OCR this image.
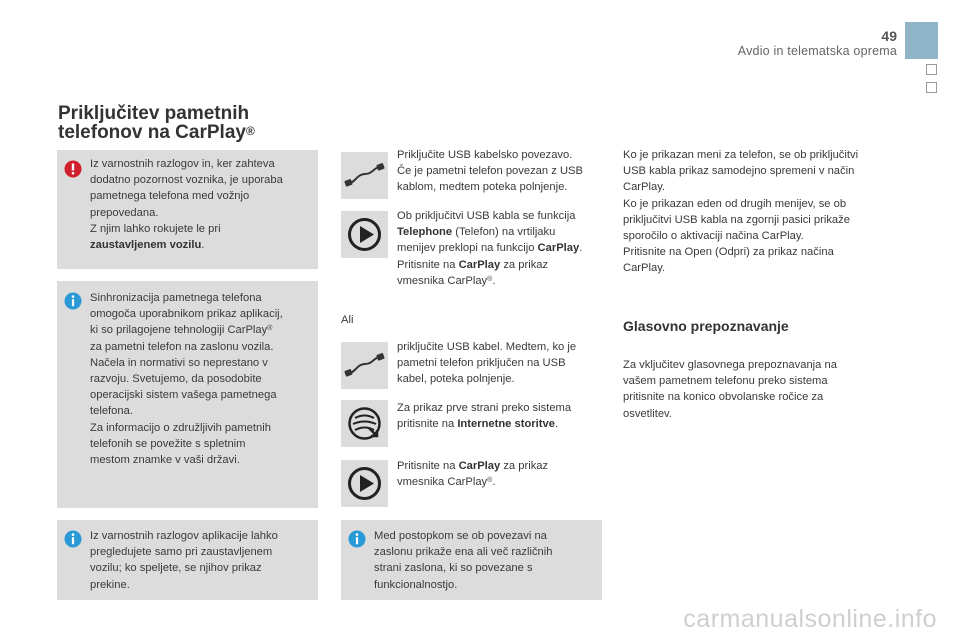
49
Avdio in telematska oprema
Priključitev pametnih
telefonov na CarPlay®
Iz varnostnih razlogov in, ker zahteva
dodatno pozornost voznika, je uporaba
pametnega telefona med vožnjo
prepovedana.
Z njim lahko rokujete le pri
zaustavljenem vozilu.
Sinhronizacija pametnega telefona
omogoča uporabnikom prikaz aplikacij,
ki so prilagojene tehnologiji CarPlay®
za pametni telefon na zaslonu vozila.
Načela in normativi so neprestano v
razvoju. Svetujemo, da posodobite
operacijski sistem vašega pametnega
telefona.
Za informacijo o združljivih pametnih
telefonih se povežite s spletnim
mestom znamke v vaši državi.
Iz varnostnih razlogov aplikacije lahko
pregledujete samo pri zaustavljenem
vozilu; ko speljete, se njihov prikaz
prekine.
Priključite USB kabelsko povezavo.
Če je pametni telefon povezan z USB
kablom, medtem poteka polnjenje.
Ob priključitvi USB kabla se funkcija
Telephone (Telefon) na vrtiljaku
menijev preklopi na funkcijo CarPlay.
Pritisnite na CarPlay za prikaz
vmesnika CarPlay®.
Ali
priključite USB kabel. Medtem, ko je
pametni telefon priključen na USB
kabel, poteka polnjenje.
Za prikaz prve strani preko sistema
pritisnite na Internetne storitve.
Pritisnite na CarPlay za prikaz
vmesnika CarPlay®.
Med postopkom se ob povezavi na
zaslonu prikaže ena ali več različnih
strani zaslona, ki so povezane s
funkcionalnostjo.
Ko je prikazan meni za telefon, se ob priključitvi
USB kabla prikaz samodejno spremeni v način
CarPlay.
Ko je prikazan eden od drugih menijev, se ob
priključitvi USB kabla na zgornji pasici prikaže
sporočilo o aktivaciji načina CarPlay.
Pritisnite na Open (Odpri) za prikaz načina
CarPlay.
Glasovno prepoznavanje
Za vključitev glasovnega prepoznavanja na
vašem pametnem telefonu preko sistema
pritisnite na konico obvolanske ročice za
osvetlitev.
carmanualsonline.info
